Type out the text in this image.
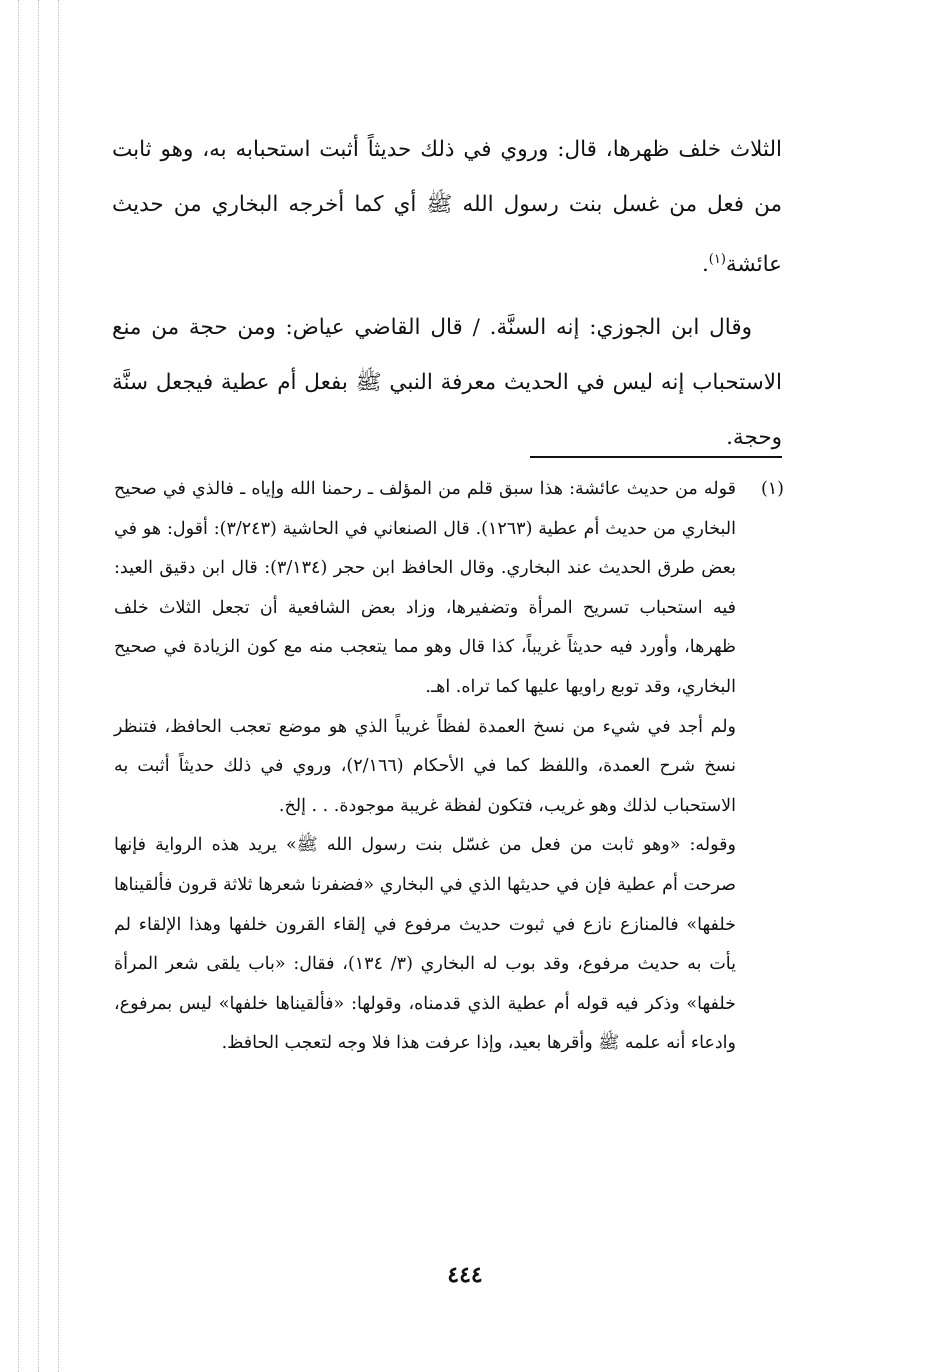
الثلاث خلف ظهرها، قال: وروي في ذلك حديثاً أثبت استحبابه به، وهو ثابت من فعل من غسل بنت رسول الله ﷺ أي كما أخرجه البخاري من حديث عائشة$^{(١)}$.

وقال ابن الجوزي: إنه السنَّة. / قال القاضي عياض: ومن حجة من منع الاستحباب إنه ليس في الحديث معرفة النبي ﷺ بفعل أم عطية فيجعل سنَّة وحجة.

(١)

قوله من حديث عائشة: هذا سبق قلم من المؤلف ـ رحمنا الله وإياه ـ فالذي في صحيح البخاري من حديث أم عطية (١٢٦٣). قال الصنعاني في الحاشية (٣/٢٤٣): أقول: هو في بعض طرق الحديث عند البخاري. وقال الحافظ ابن حجر (٣/١٣٤): قال ابن دقيق العيد: فيه استحباب تسريح المرأة وتضفيرها، وزاد بعض الشافعية أن تجعل الثلاث خلف ظهرها، وأورد فيه حديثاً غريباً، كذا قال وهو مما يتعجب منه مع كون الزيادة في صحيح البخاري، وقد توبع راويها عليها كما تراه. اهـ.

ولم أجد في شيء من نسخ العمدة لفظاً غريباً الذي هو موضع تعجب الحافظ، فتنظر نسخ شرح العمدة، واللفظ كما في الأحكام (٢/١٦٦)، وروي في ذلك حديثاً أثبت به الاستحباب لذلك وهو غريب، فتكون لفظة غريبة موجودة. . . إلخ.

وقوله: «وهو ثابت من فعل من غسّل بنت رسول الله ﷺ» يريد هذه الرواية فإنها صرحت أم عطية فإن في حديثها الذي في البخاري «فضفرنا شعرها ثلاثة قرون فألقيناها خلفها» فالمنازع نازع في ثبوت حديث مرفوع في إلقاء القرون خلفها وهذا الإلقاء لم يأت به حديث مرفوع، وقد بوب له البخاري (٣/ ١٣٤)، فقال: «باب يلقى شعر المرأة خلفها» وذكر فيه قوله أم عطية الذي قدمناه، وقولها: «فألقيناها خلفها» ليس بمرفوع، وادعاء أنه علمه ﷺ وأقرها بعيد، وإذا عرفت هذا فلا وجه لتعجب الحافظ.

٤٤٤
